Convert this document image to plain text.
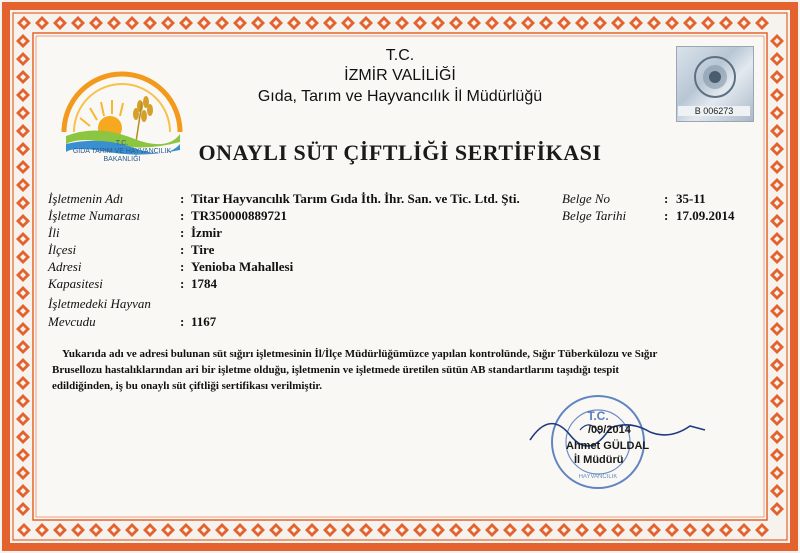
T.C.
GIDA TARIM VE HAYVANCILIK
BAKANLIĞI
B 006273
T.C.
İZMİR VALİLİĞİ
Gıda, Tarım ve Hayvancılık İl Müdürlüğü
ONAYLI SÜT ÇİFTLİĞİ SERTİFİKASI
İşletmenin Adı	: Titar Hayvancılık Tarım Gıda İth. İhr. San. ve Tic. Ltd. Şti.
İşletme Numarası	: TR350000889721
İli	: İzmir
İlçesi	: Tire
Adresi	: Yenioba Mahallesi
Kapasitesi	: 1784
İşletmedeki Hayvan
Mevcudu	: 1167
Belge No	: 35-11
Belge Tarihi	: 17.09.2014
Yukarıda adı ve adresi bulunan süt sığırı işletmesinin İl/İlçe Müdürlüğümüzce yapılan kontrolünde, Sığır Tüberkülozu ve Sığır
Brusellozu hastalıklarından ari bir işletme olduğu, işletmenin ve işletmede üretilen sütün AB standartlarını taşıdığı tespit
edildiğinden, iş bu onaylı süt çiftliği sertifikası verilmiştir.
T.C.
HAYVANCILIK
/09/2014
Ahmet GÜLDAL
İl Müdürü
